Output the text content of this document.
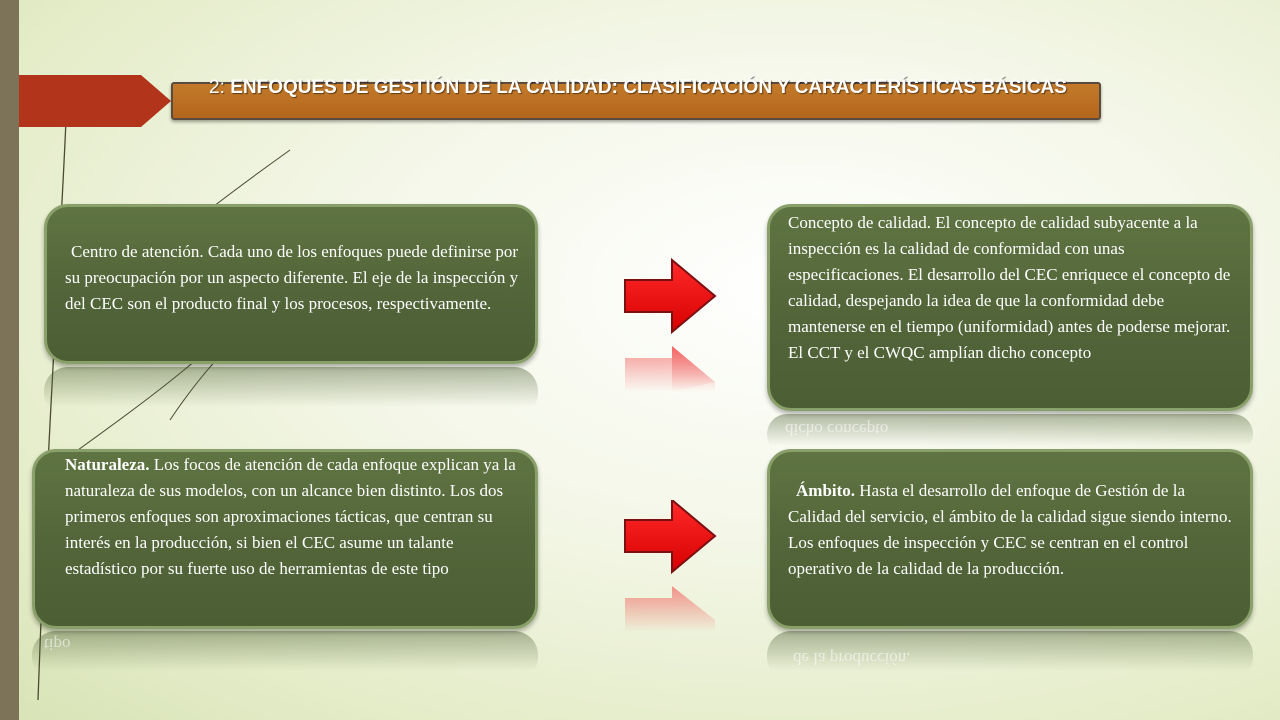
2: ENFOQUES DE GESTIÓN DE LA CALIDAD: CLASIFICACIÓN Y CARACTERÍSTICAS BÁSICAS
dicho concepto
tipo
de la producción.
Centro de atención. Cada uno de los enfoques puede definirse por su preocupación por un aspecto diferente. El eje de la inspección y del CEC son el producto final y los procesos, respectivamente.
Concepto de calidad. El concepto de calidad subyacente a la inspección es la calidad de conformidad con unas especificaciones. El desarrollo del CEC enriquece el concepto de calidad, despejando la idea de que la conformidad debe mantenerse en el tiempo (uniformidad) antes de poderse mejorar. El CCT y el CWQC amplían dicho concepto
Naturaleza. Los focos de atención de cada enfoque explican ya la naturaleza de sus modelos, con un alcance bien distinto. Los dos primeros enfoques son aproximaciones tácticas, que centran su interés en la producción, si bien el CEC asume un talante estadístico por su fuerte uso de herramientas de este tipo
Ámbito. Hasta el desarrollo del enfoque de Gestión de la Calidad del servicio, el ámbito de la calidad sigue siendo interno. Los enfoques de inspección y CEC se centran en el control operativo de la calidad de la producción.
